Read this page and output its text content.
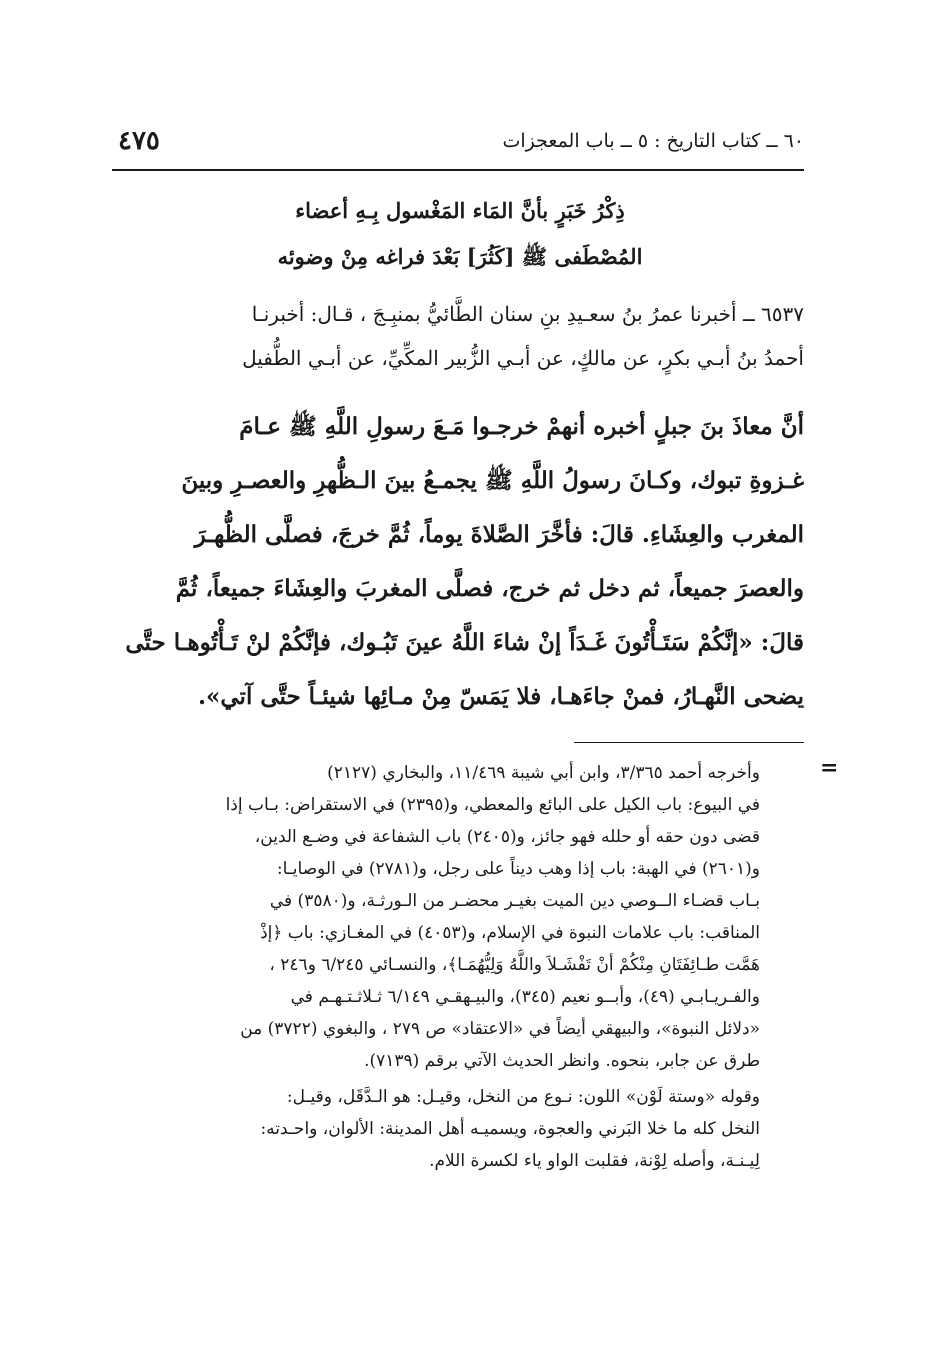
٤٧٥	٦٠ ــ كتاب التاريخ : ٥ ــ باب المعجزات
ذِكْرُ خَبَرٍ بأنَّ المَاء المَغْسول بِـهِ أعضاء
المُصْطَفى ﷺ [كَثُرَ] بَعْدَ فراغه مِنْ وضوئه
٦٥٣٧ ــ أخبرنا عمرُ بنُ سعـيدِ بنِ سنان الطَّائيُّ بمنبِـجَ ، قـال: أخبرنـا
أحمدُ بنُ أبـي بكرٍ، عن مالكٍ، عن أبـي الزُّبير المكِّيِّ، عن أبـي الطُّفيل
أنَّ معاذَ بنَ جبلٍ أخبره أنهمْ خرجـوا مَـعَ رسولِ اللَّهِ ﷺ عـامَ
غـزوةِ تبوك، وكـانَ رسولُ اللَّهِ ﷺ يجمـعُ بينَ الـظُّهرِ والعصـرِ وبينَ
المغرب والعِشَاءِ. قالَ: فأخَّرَ الصَّلاةَ يوماً، ثُمَّ خرجَ، فصلَّى الظُّهـرَ
والعصرَ جميعاً، ثم دخل ثم خرج، فصلَّى المغربَ والعِشَاءَ جميعاً، ثُمَّ
قالَ: «إنَّكُمْ سَتَـأْتُونَ غَـدَاً إنْ شاءَ اللَّهُ عينَ تَبُـوك، فإنَّكُمْ لنْ تَـأْتُوهـا حتَّى
يضحى النَّهـارُ، فمنْ جاءَهـا، فلا يَمَسّ مِنْ مـائِها شيئـاً حتَّى آتي».
=
وأخرجه أحمد ٣/٣٦٥، وابن أبي شيبة ١١/٤٦٩، والبخاري (٢١٢٧)
في البيوع: باب الكيل على البائع والمعطي، و(٢٣٩٥) في الاستقراض: بـاب إذا
قضى دون حقه أو حلله فهو جائز، و(٢٤٠٥) باب الشفاعة في وضـع الدين،
و(٢٦٠١) في الهبة: باب إذا وهب ديناً على رجل، و(٢٧٨١) في الوصايـا:
بـاب قضـاء الــوصي دين الميت بغيـر محضـر من الـورثـة، و(٣٥٨٠) في
المناقب: باب علامات النبوة في الإسلام، و(٤٠٥٣) في المغـازي: باب ﴿إذْ
هَمَّت طـائِفَتَانِ مِنْكُمْ أنْ تَفْشَـلاَ واللَّهُ وَلِيُّهُمَـا﴾، والنسـائي ٦/٢٤٥ و٢٤٦ ،
والفـريـابـي (٤٩)، وأبــو نعيم (٣٤٥)، والبيـهقـي ٦/١٤٩ ثـلاثـتـهـم في
«دلائل النبوة»، والبيهقي أيضاً في «الاعتقاد» ص ٢٧٩ ، والبغوي (٣٧٢٢) من
طرق عن جابر، بنحوه. وانظر الحديث الآتي برقم (٧١٣٩).
وقوله «وستة لَوْن» اللون: نـوع من النخل، وقيـل: هو الـدَّقَل، وقيـل:
النخل كله ما خلا البَرني والعجوة، ويسميـه أهل المدينة: الألوان، واحـدته:
لِيـنـة، وأصله لِوْنة، فقلبت الواو ياء لكسرة اللام.
